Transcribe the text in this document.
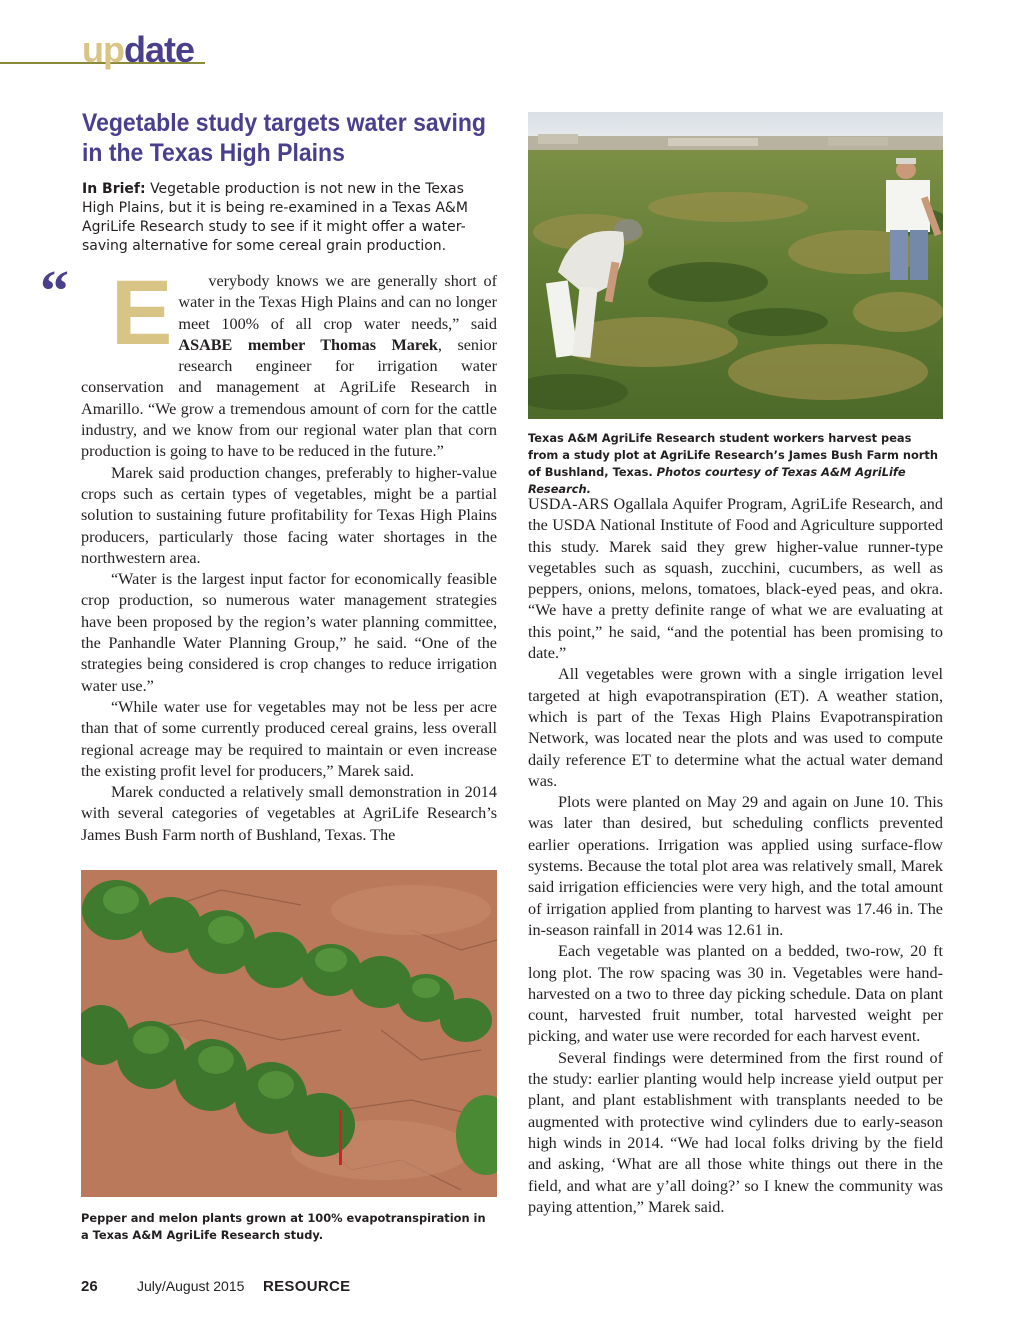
update
Vegetable study targets water saving in the Texas High Plains
In Brief: Vegetable production is not new in the Texas High Plains, but it is being re-examined in a Texas A&M AgriLife Research study to see if it might offer a water-saving alternative for some cereal grain production.
“ E verybody knows we are generally short of water in the Texas High Plains and can no longer meet 100% of all crop water needs,” said ASABE member Thomas Marek, senior research engineer for irrigation water conservation and management at AgriLife Research in Amarillo. “We grow a tremendous amount of corn for the cattle industry, and we know from our regional water plan that corn production is going to have to be reduced in the future.”

Marek said production changes, preferably to higher-value crops such as certain types of vegetables, might be a partial solution to sustaining future profitability for Texas High Plains producers, particularly those facing water shortages in the northwestern area.

“Water is the largest input factor for economically feasible crop production, so numerous water management strategies have been proposed by the region’s water planning committee, the Panhandle Water Planning Group,” he said. “One of the strategies being considered is crop changes to reduce irrigation water use.”

“While water use for vegetables may not be less per acre than that of some currently produced cereal grains, less overall regional acreage may be required to maintain or even increase the existing profit level for producers,” Marek said.

Marek conducted a relatively small demonstration in 2014 with several categories of vegetables at AgriLife Research’s James Bush Farm north of Bushland, Texas. The

Texas A&M AgriLife Research student workers harvest peas from a study plot at AgriLife Research’s James Bush Farm north of Bushland, Texas. Photos courtesy of Texas A&M AgriLife Research.

USDA-ARS Ogallala Aquifer Program, AgriLife Research, and the USDA National Institute of Food and Agriculture supported this study. Marek said they grew higher-value runner-type vegetables such as squash, zucchini, cucumbers, as well as peppers, onions, melons, tomatoes, black-eyed peas, and okra. “We have a pretty definite range of what we are evaluating at this point,” he said, “and the potential has been promising to date.”

All vegetables were grown with a single irrigation level targeted at high evapotranspiration (ET). A weather station, which is part of the Texas High Plains Evapotranspiration Network, was located near the plots and was used to compute daily reference ET to determine what the actual water demand was.

Plots were planted on May 29 and again on June 10. This was later than desired, but scheduling conflicts prevented earlier operations. Irrigation was applied using surface-flow systems. Because the total plot area was relatively small, Marek said irrigation efficiencies were very high, and the total amount of irrigation applied from planting to harvest was 17.46 in. The in-season rainfall in 2014 was 12.61 in.

Each vegetable was planted on a bedded, two-row, 20 ft long plot. The row spacing was 30 in. Vegetables were hand-harvested on a two to three day picking schedule. Data on plant count, harvested fruit number, total harvested weight per picking, and water use were recorded for each harvest event.

Several findings were determined from the first round of the study: earlier planting would help increase yield output per plant, and plant establishment with transplants needed to be augmented with protective wind cylinders due to early-season high winds in 2014. “We had local folks driving by the field and asking, ‘What are all those white things out there in the field, and what are y’all doing?’ so I knew the community was paying attention,” Marek said.

Pepper and melon plants grown at 100% evapotranspiration in a Texas A&M AgriLife Research study.
26	July/August 2015	RESOURCE
